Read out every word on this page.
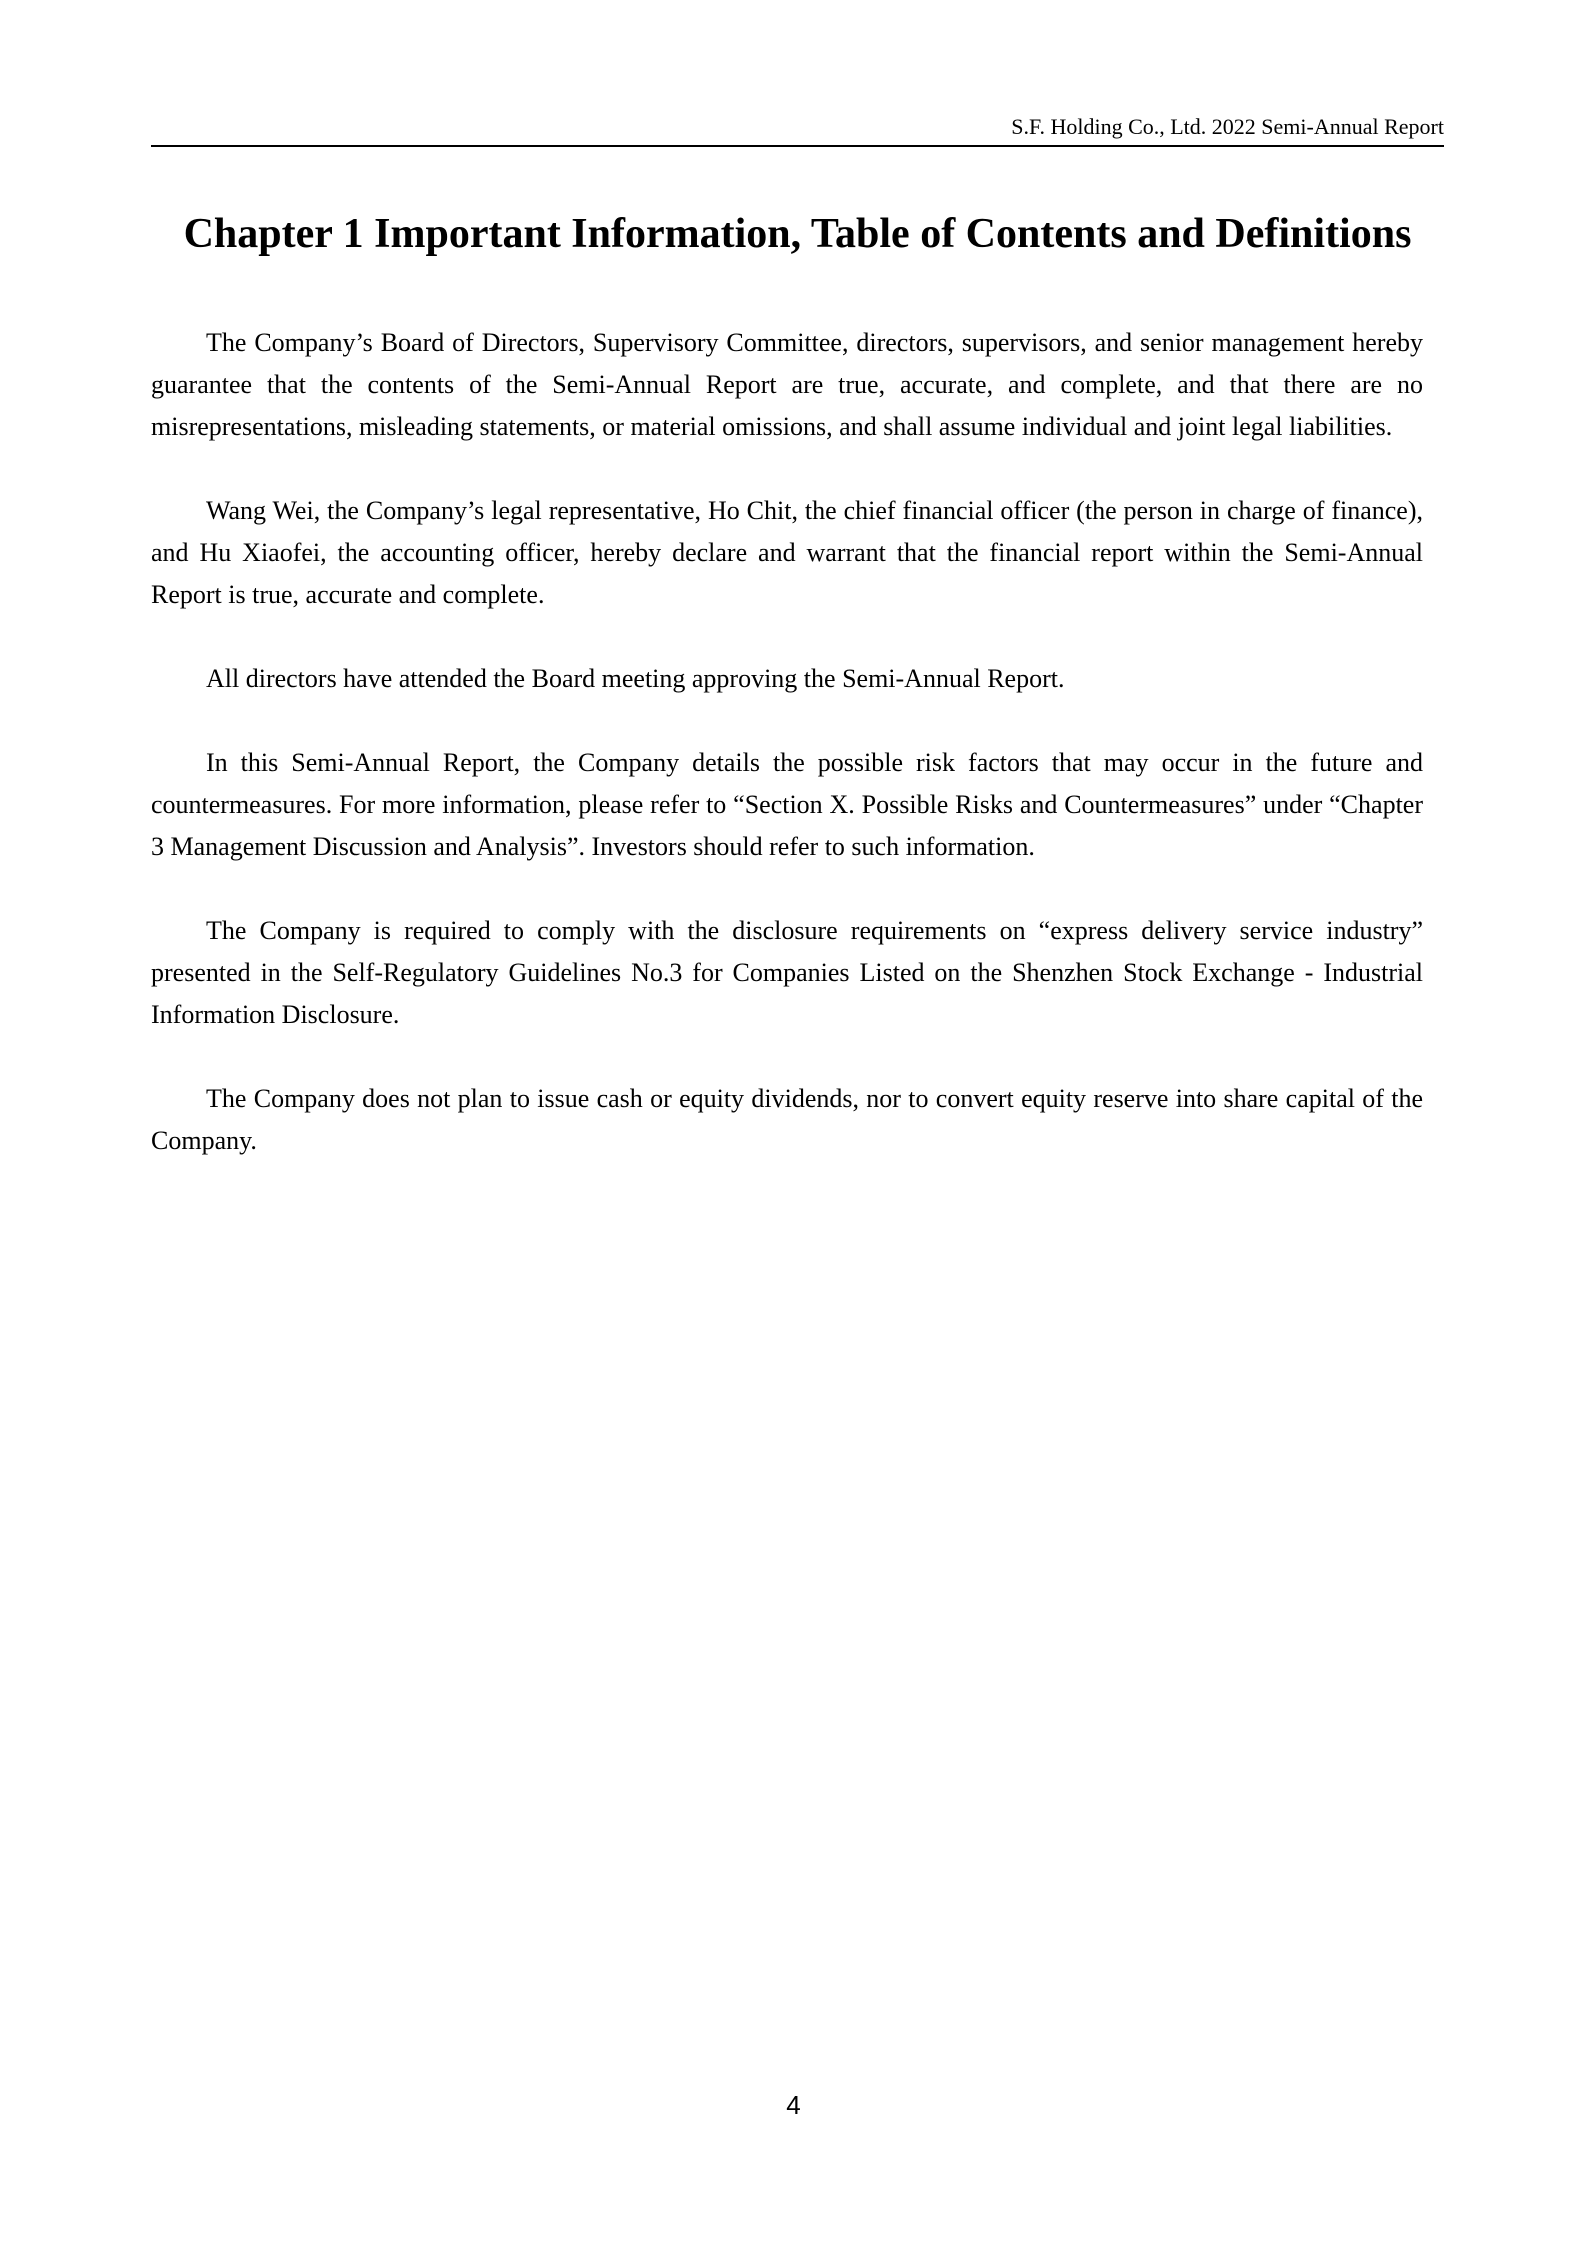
S.F. Holding Co., Ltd. 2022 Semi-Annual Report
Chapter 1 Important Information, Table of Contents and Definitions

The Company’s Board of Directors, Supervisory Committee, directors, supervisors, and senior management hereby guarantee that the contents of the Semi-Annual Report are true, accurate, and complete, and that there are no misrepresentations, misleading statements, or material omissions, and shall assume individual and joint legal liabilities.

Wang Wei, the Company’s legal representative, Ho Chit, the chief financial officer (the person in charge of finance), and Hu Xiaofei, the accounting officer, hereby declare and warrant that the financial report within the Semi-Annual Report is true, accurate and complete.

All directors have attended the Board meeting approving the Semi-Annual Report.

In this Semi-Annual Report, the Company details the possible risk factors that may occur in the future and countermeasures. For more information, please refer to “Section X. Possible Risks and Countermeasures” under “Chapter 3 Management Discussion and Analysis”. Investors should refer to such information.

The Company is required to comply with the disclosure requirements on “express delivery service industry” presented in the Self-Regulatory Guidelines No.3 for Companies Listed on the Shenzhen Stock Exchange - Industrial Information Disclosure.

The Company does not plan to issue cash or equity dividends, nor to convert equity reserve into share capital of the Company.

4
